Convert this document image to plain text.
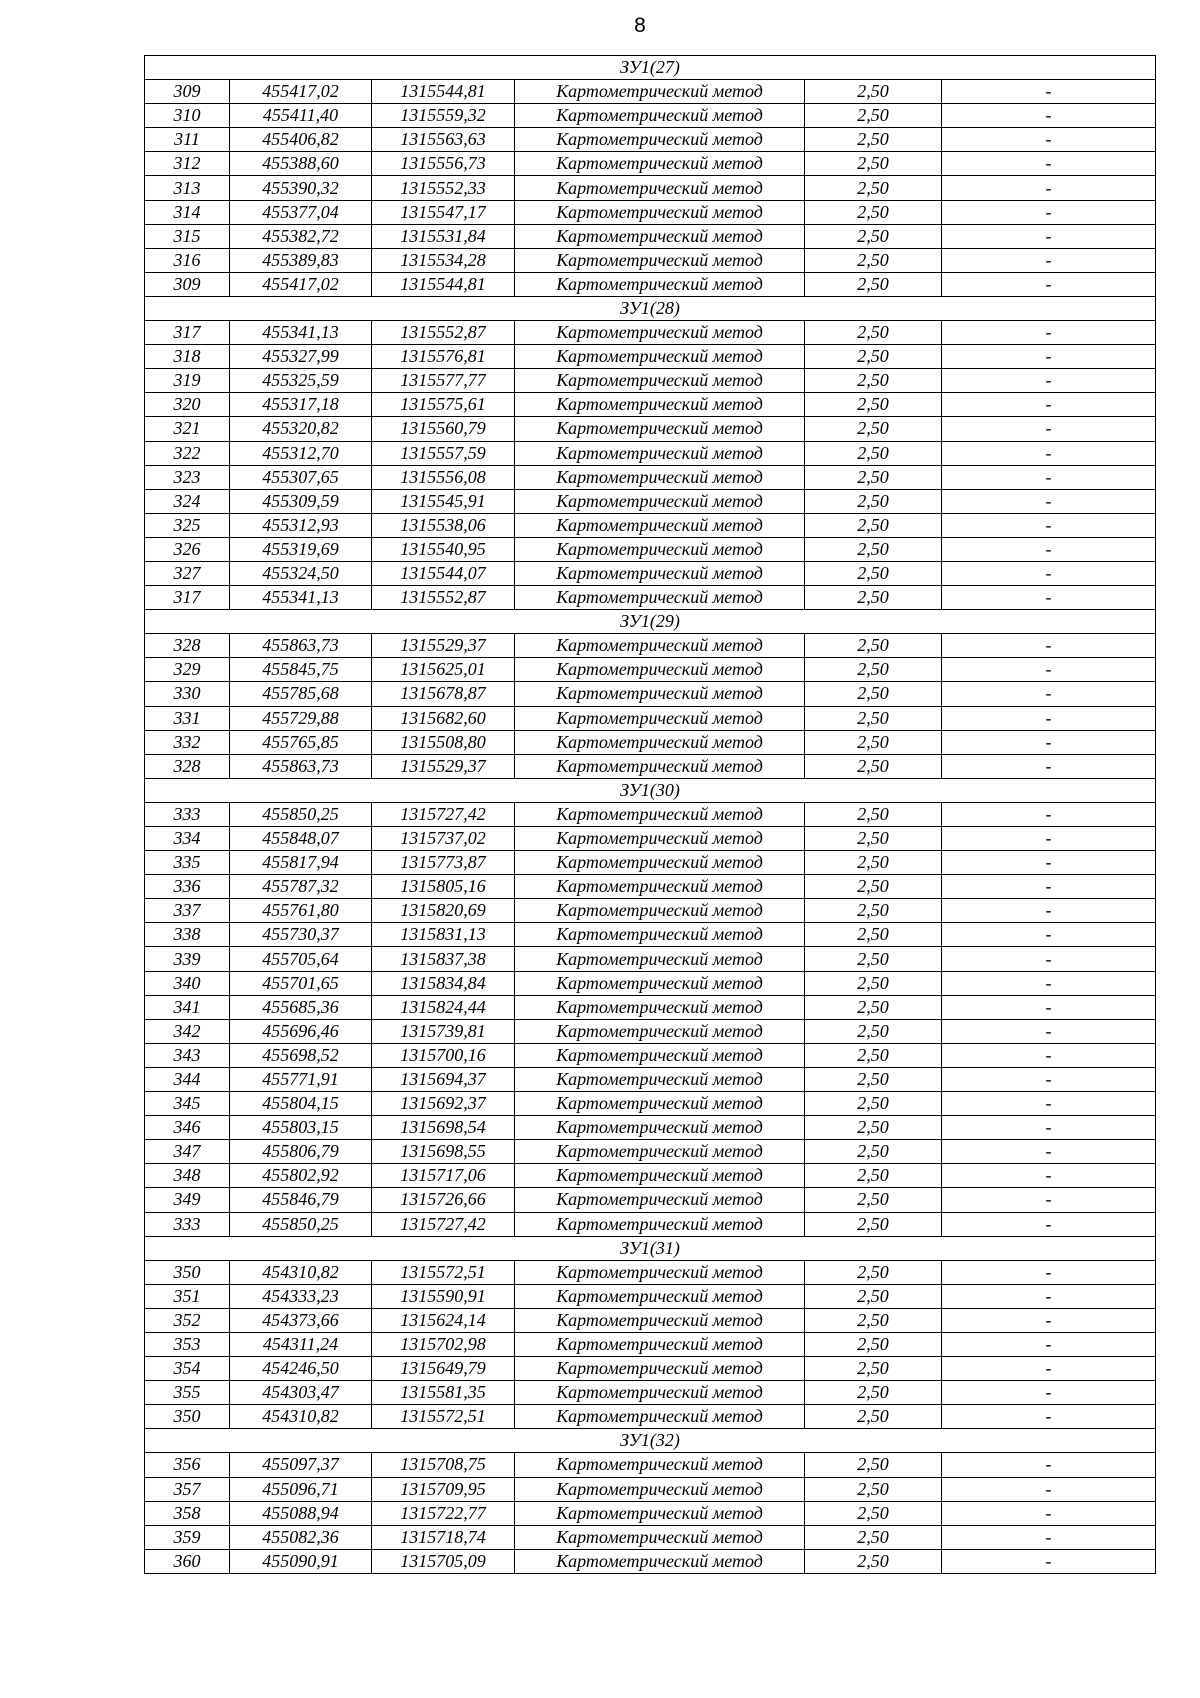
8
ЗУ1(27)					
309	455417,02	1315544,81	Картометрический метод	2,50	-
310	455411,40	1315559,32	Картометрический метод	2,50	-
311	455406,82	1315563,63	Картометрический метод	2,50	-
312	455388,60	1315556,73	Картометрический метод	2,50	-
313	455390,32	1315552,33	Картометрический метод	2,50	-
314	455377,04	1315547,17	Картометрический метод	2,50	-
315	455382,72	1315531,84	Картометрический метод	2,50	-
316	455389,83	1315534,28	Картометрический метод	2,50	-
309	455417,02	1315544,81	Картометрический метод	2,50	-
ЗУ1(28)					
317	455341,13	1315552,87	Картометрический метод	2,50	-
318	455327,99	1315576,81	Картометрический метод	2,50	-
319	455325,59	1315577,77	Картометрический метод	2,50	-
320	455317,18	1315575,61	Картометрический метод	2,50	-
321	455320,82	1315560,79	Картометрический метод	2,50	-
322	455312,70	1315557,59	Картометрический метод	2,50	-
323	455307,65	1315556,08	Картометрический метод	2,50	-
324	455309,59	1315545,91	Картометрический метод	2,50	-
325	455312,93	1315538,06	Картометрический метод	2,50	-
326	455319,69	1315540,95	Картометрический метод	2,50	-
327	455324,50	1315544,07	Картометрический метод	2,50	-
317	455341,13	1315552,87	Картометрический метод	2,50	-
ЗУ1(29)					
328	455863,73	1315529,37	Картометрический метод	2,50	-
329	455845,75	1315625,01	Картометрический метод	2,50	-
330	455785,68	1315678,87	Картометрический метод	2,50	-
331	455729,88	1315682,60	Картометрический метод	2,50	-
332	455765,85	1315508,80	Картометрический метод	2,50	-
328	455863,73	1315529,37	Картометрический метод	2,50	-
ЗУ1(30)					
333	455850,25	1315727,42	Картометрический метод	2,50	-
334	455848,07	1315737,02	Картометрический метод	2,50	-
335	455817,94	1315773,87	Картометрический метод	2,50	-
336	455787,32	1315805,16	Картометрический метод	2,50	-
337	455761,80	1315820,69	Картометрический метод	2,50	-
338	455730,37	1315831,13	Картометрический метод	2,50	-
339	455705,64	1315837,38	Картометрический метод	2,50	-
340	455701,65	1315834,84	Картометрический метод	2,50	-
341	455685,36	1315824,44	Картометрический метод	2,50	-
342	455696,46	1315739,81	Картометрический метод	2,50	-
343	455698,52	1315700,16	Картометрический метод	2,50	-
344	455771,91	1315694,37	Картометрический метод	2,50	-
345	455804,15	1315692,37	Картометрический метод	2,50	-
346	455803,15	1315698,54	Картометрический метод	2,50	-
347	455806,79	1315698,55	Картометрический метод	2,50	-
348	455802,92	1315717,06	Картометрический метод	2,50	-
349	455846,79	1315726,66	Картометрический метод	2,50	-
333	455850,25	1315727,42	Картометрический метод	2,50	-
ЗУ1(31)					
350	454310,82	1315572,51	Картометрический метод	2,50	-
351	454333,23	1315590,91	Картометрический метод	2,50	-
352	454373,66	1315624,14	Картометрический метод	2,50	-
353	454311,24	1315702,98	Картометрический метод	2,50	-
354	454246,50	1315649,79	Картометрический метод	2,50	-
355	454303,47	1315581,35	Картометрический метод	2,50	-
350	454310,82	1315572,51	Картометрический метод	2,50	-
ЗУ1(32)					
356	455097,37	1315708,75	Картометрический метод	2,50	-
357	455096,71	1315709,95	Картометрический метод	2,50	-
358	455088,94	1315722,77	Картометрический метод	2,50	-
359	455082,36	1315718,74	Картометрический метод	2,50	-
360	455090,91	1315705,09	Картометрический метод	2,50	-
